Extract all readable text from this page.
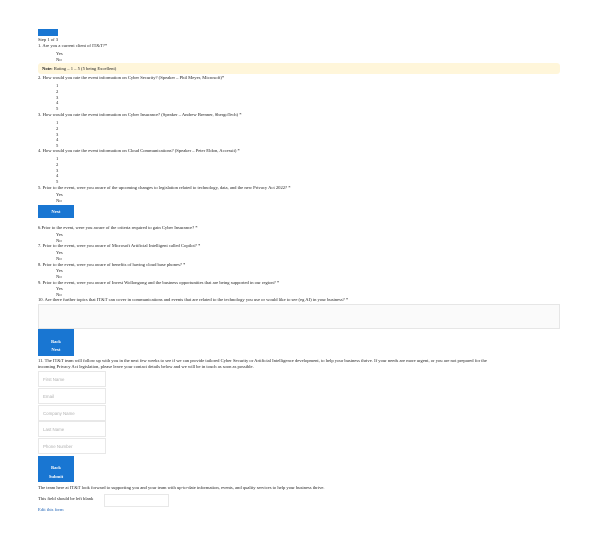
Step 1 of 3
1. Are you a current client of IT&T?*
Yes
No
Note: Rating – 1 – 5 (5 being Excellent)
2. How would you rate the event information on Cyber Security? (Speaker – Phil Meyer, Microsoft)*
1
2
3
4
5
3. How would you rate the event information on Cyber Insurance? (Speaker – Andrew Brenner, ShergoTech) *
1
2
3
4
5
4. How would you rate the event information on Cloud Communications? (Speaker – Peter Eldon, Accessit) *
1
2
3
4
5
5. Prior to the event, were you aware of the upcoming changes to legislation related to technology, data, and the new Privacy Act 2022? *
Yes
No
Next
6.Prior to the event, were you aware of the criteria required to gain Cyber Insurance? *
Yes
No
7. Prior to the event, were you aware of Microsoft Artificial Intelligent called Copilot? *
Yes
No
8. Prior to the event, were you aware of benefits of having cloud base phones? *
Yes
No
9. Prior to the event, were you aware of Invest Wollongong and the business opportunities that are being supported in our region? *
Yes
No
10. Are there further topics that IT&T can cover in communications and events that are related to the technology you use or would like to see (eg AI) in your business? *
Back
Next
11. The IT&T team will follow up with you in the next few weeks to see if we can provide tailored Cyber Security or Artificial Intelligence development, to help your business thrive. If your needs are more urgent, or you are not prepared for the
incoming Privacy Act legislation, please leave your contact details below and we will be in touch as soon as possible.
First Name
Email
Company Name
Last Name
Phone Number
Back
Submit
The team here at IT&T look forward to supporting you and your team with up-to-date information, events, and quality services to help your business thrive.
This field should be left blank
Edit this form
